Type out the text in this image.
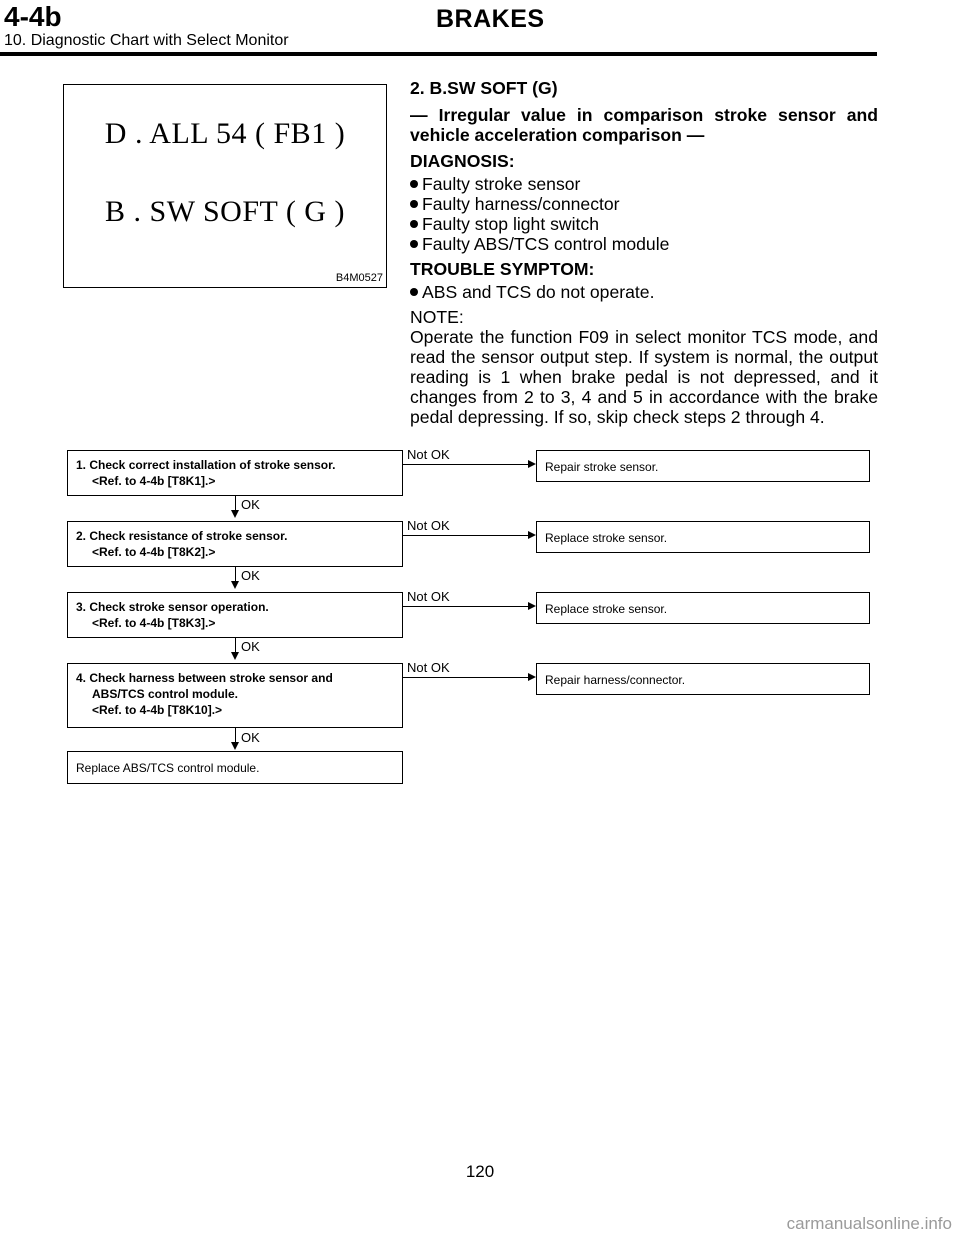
4-4b	BRAKES
10. Diagnostic Chart with Select Monitor
D . ALL 54 ( FB1 )
B . SW SOFT ( G )
B4M0527

2. B.SW SOFT (G)

— Irregular value in comparison stroke sensor and vehicle acceleration comparison —

DIAGNOSIS:

Faulty stroke sensor
Faulty harness/connector
Faulty stop light switch
Faulty ABS/TCS control module

TROUBLE SYMPTOM:

ABS and TCS do not operate.

NOTE:

Operate the function F09 in select monitor TCS mode, and read the sensor output step. If system is normal, the output reading is 1 when brake pedal is not depressed, and it changes from 2 to 3, 4 and 5 in accordance with the brake pedal depressing. If so, skip check steps 2 through 4.

1. Check correct installation of stroke sensor.
<Ref. to 4-4b [T8K1].>
Not OK
Repair stroke sensor.
OK
2. Check resistance of stroke sensor.
<Ref. to 4-4b [T8K2].>
Not OK
Replace stroke sensor.
OK
3. Check stroke sensor operation.
<Ref. to 4-4b [T8K3].>
Not OK
Replace stroke sensor.
OK
4. Check harness between stroke sensor and
ABS/TCS control module.
<Ref. to 4-4b [T8K10].>
Not OK
Repair harness/connector.
OK
Replace ABS/TCS control module.
120
carmanualsonline.info
